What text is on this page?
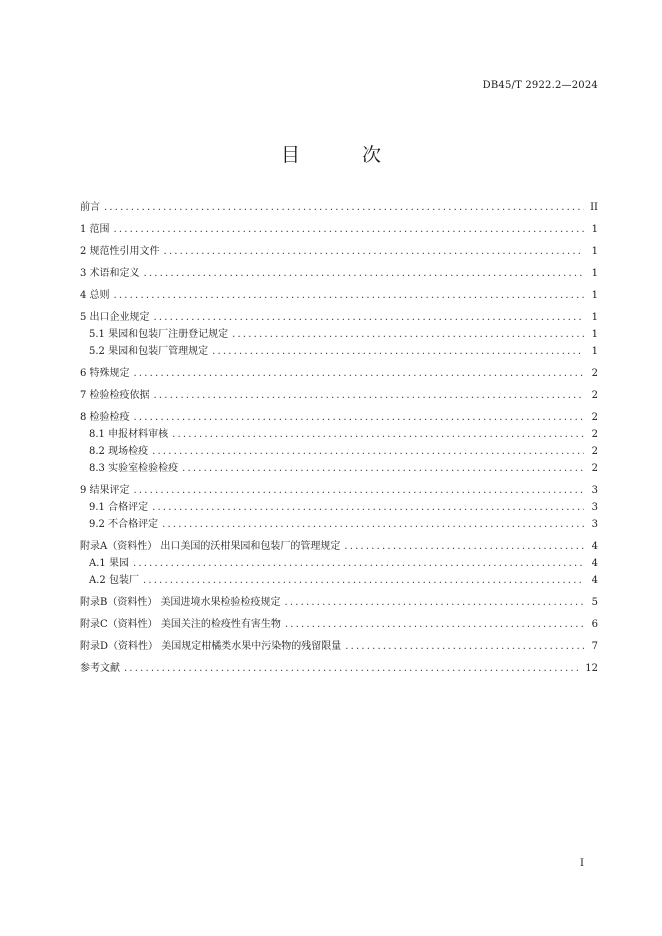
DB45/T 2922.2—2024
目 次
前言 .....	II
1 范围 .....	1
2 规范性引用文件 .....	1
3 术语和定义 .....	1
4 总则 .....	1
5 出口企业规定 .....	1
5.1 果园和包装厂注册登记规定 .....	1
5.2 果园和包装厂管理规定 .....	1
6 特殊规定 .....	2
7 检验检疫依据 .....	2
8 检验检疫 .....	2
8.1 申报材料审核 .....	2
8.2 现场检疫 .....	2
8.3 实验室检验检疫 .....	2
9 结果评定 .....	3
9.1 合格评定 .....	3
9.2 不合格评定 .....	3
附录A（资料性） 出口美国的沃柑果园和包装厂的管理规定 .....	4
A.1 果园 .....	4
A.2 包装厂 .....	4
附录B（资料性） 美国进境水果检验检疫规定 .....	5
附录C（资料性） 美国关注的检疫性有害生物 .....	6
附录D（资料性） 美国规定柑橘类水果中污染物的残留限量 .....	7
参考文献 .....	12
I
